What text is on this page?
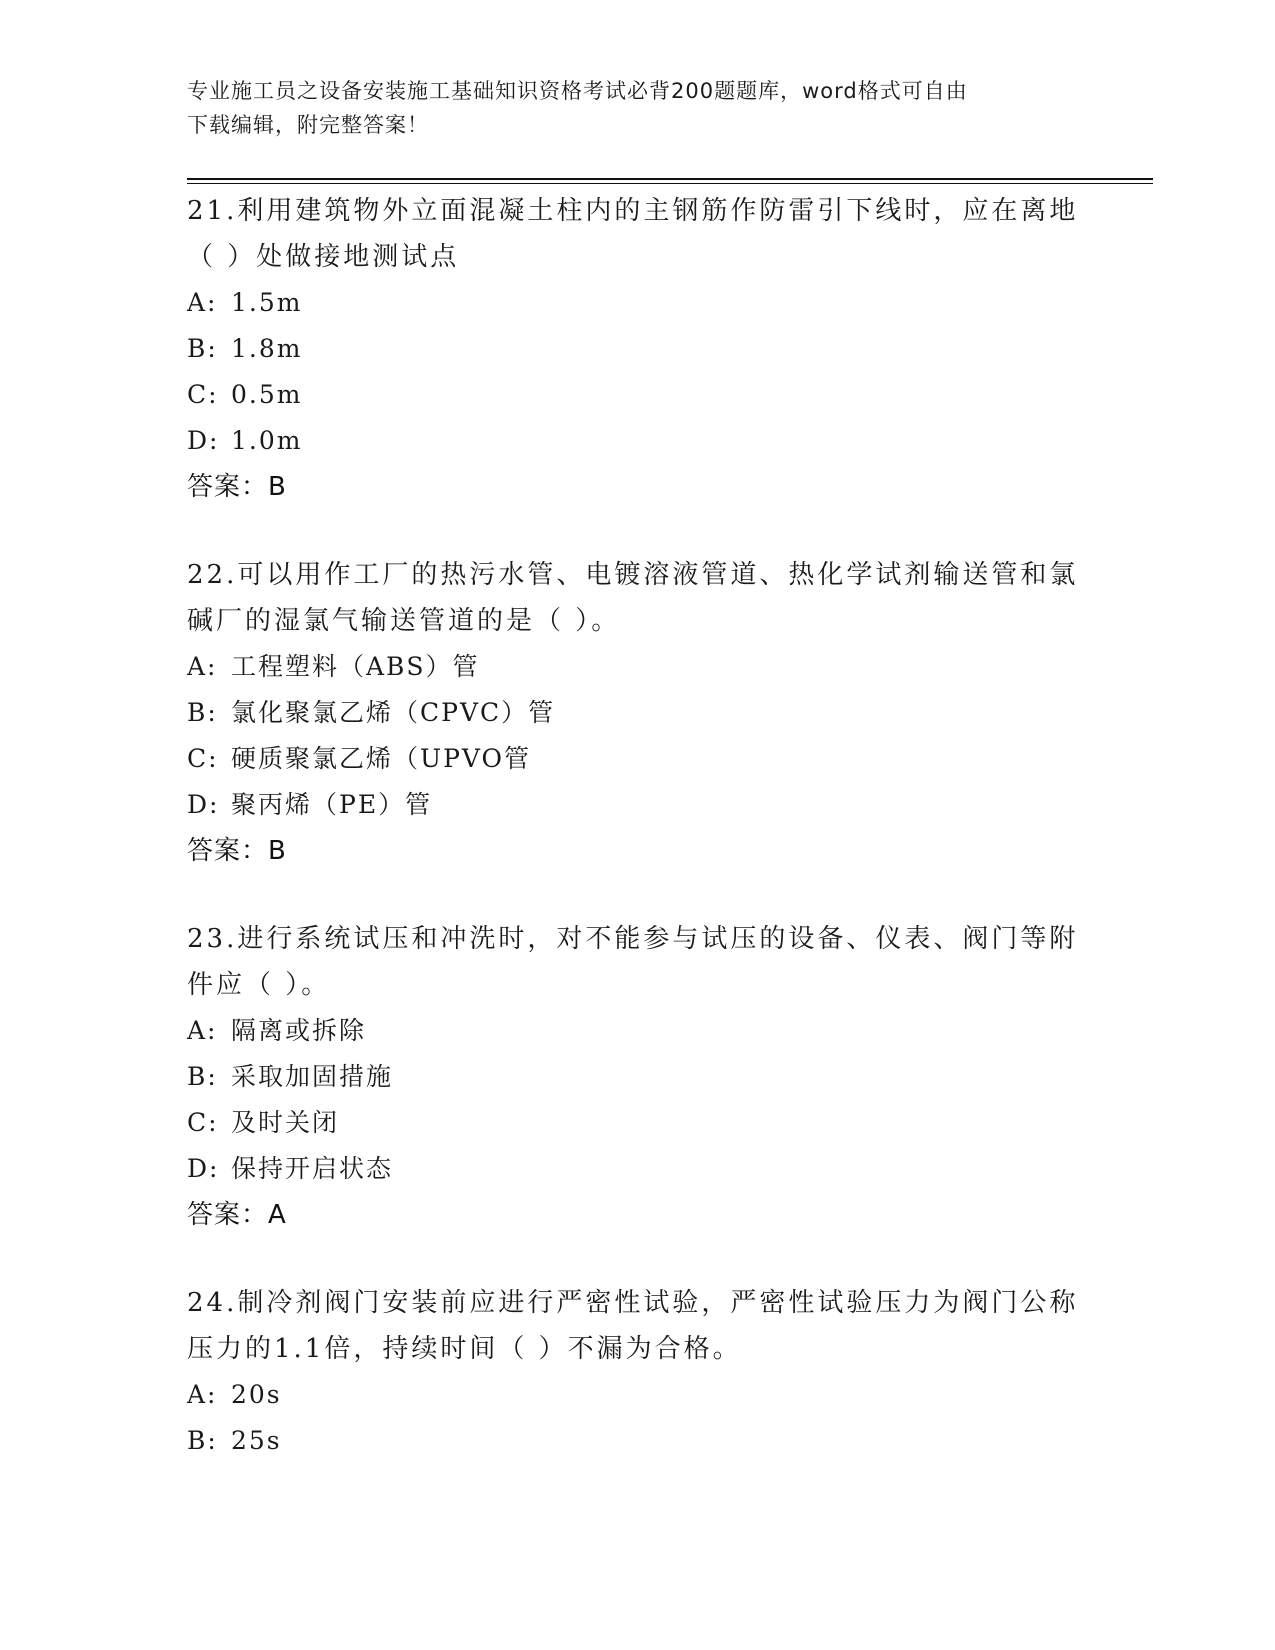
专业施工员之设备安装施工基础知识资格考试必背200题题库，word格式可自由
下载编辑，附完整答案！

21.利用建筑物外立面混凝土柱内的主钢筋作防雷引下线时，应在离地

（ ）处做接地测试点

A: 1.5m

B: 1.8m

C: 0.5m

D: 1.0m

答案：B

22.可以用作工厂的热污水管、电镀溶液管道、热化学试剂输送管和氯

碱厂的湿氯气输送管道的是（ ）。

A: 工程塑料（ABS）管

B: 氯化聚氯乙烯（CPVC）管

C: 硬质聚氯乙烯（UPVO管

D: 聚丙烯（PE）管

答案：B

23.进行系统试压和冲洗时，对不能参与试压的设备、仪表、阀门等附

件应（ ）。

A: 隔离或拆除

B: 采取加固措施

C: 及时关闭

D: 保持开启状态

答案：A

24.制冷剂阀门安装前应进行严密性试验，严密性试验压力为阀门公称

压力的1.1倍，持续时间（ ）不漏为合格。

A: 20s

B: 25s
